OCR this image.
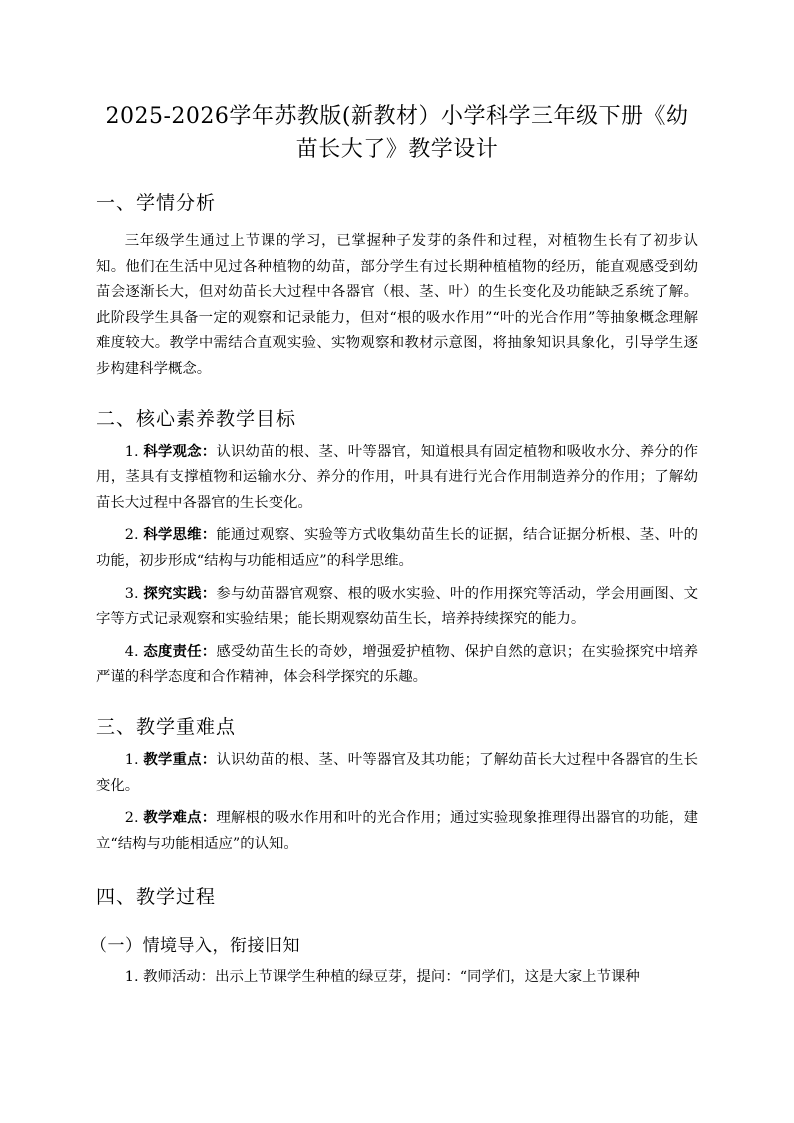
2025-2026学年苏教版(新教材）小学科学三年级下册《幼苗长大了》教学设计
一、学情分析

三年级学生通过上节课的学习，已掌握种子发芽的条件和过程，对植物生长有了初步认知。他们在生活中见过各种植物的幼苗，部分学生有过长期种植植物的经历，能直观感受到幼苗会逐渐长大，但对幼苗长大过程中各器官（根、茎、叶）的生长变化及功能缺乏系统了解。此阶段学生具备一定的观察和记录能力，但对“根的吸水作用”“叶的光合作用”等抽象概念理解难度较大。教学中需结合直观实验、实物观察和教材示意图，将抽象知识具象化，引导学生逐步构建科学概念。

二、核心素养教学目标

1. 科学观念：认识幼苗的根、茎、叶等器官，知道根具有固定植物和吸收水分、养分的作用，茎具有支撑植物和运输水分、养分的作用，叶具有进行光合作用制造养分的作用；了解幼苗长大过程中各器官的生长变化。

2. 科学思维：能通过观察、实验等方式收集幼苗生长的证据，结合证据分析根、茎、叶的功能，初步形成“结构与功能相适应”的科学思维。

3. 探究实践：参与幼苗器官观察、根的吸水实验、叶的作用探究等活动，学会用画图、文字等方式记录观察和实验结果；能长期观察幼苗生长，培养持续探究的能力。

4. 态度责任：感受幼苗生长的奇妙，增强爱护植物、保护自然的意识；在实验探究中培养严谨的科学态度和合作精神，体会科学探究的乐趣。

三、教学重难点

1. 教学重点：认识幼苗的根、茎、叶等器官及其功能；了解幼苗长大过程中各器官的生长变化。

2. 教学难点：理解根的吸水作用和叶的光合作用；通过实验现象推理得出器官的功能，建立“结构与功能相适应”的认知。

四、教学过程
（一）情境导入，衔接旧知

1. 教师活动：出示上节课学生种植的绿豆芽，提问：“同学们，这是大家上节课种
